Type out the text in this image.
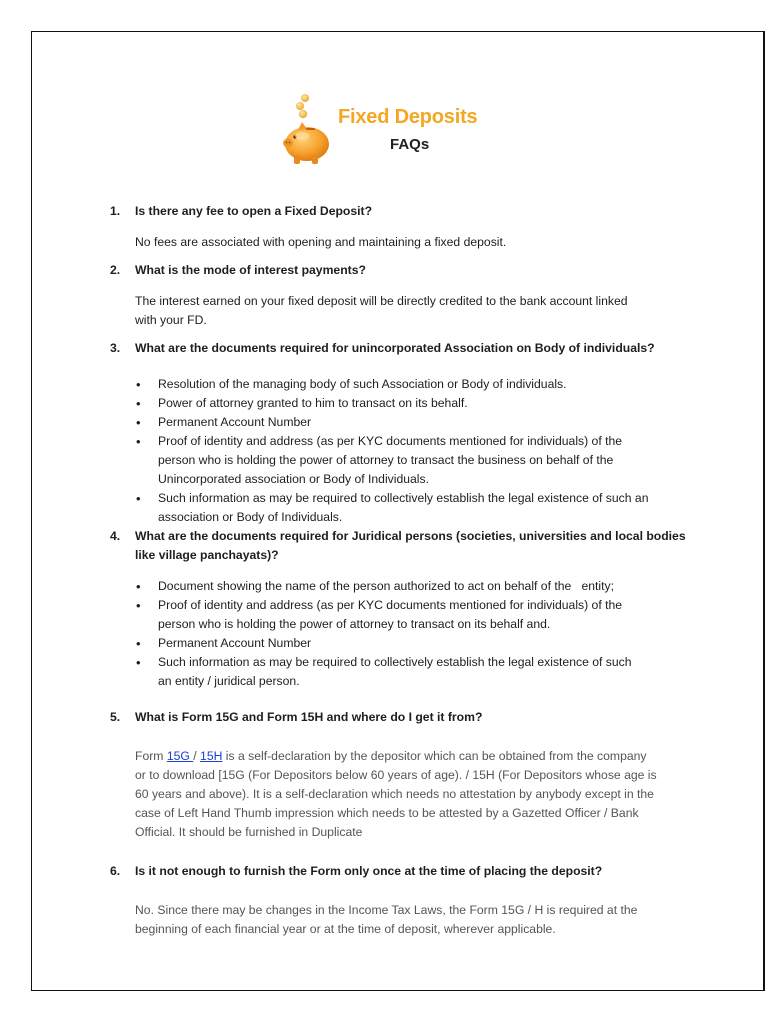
Fixed Deposits
FAQs
1. Is there any fee to open a Fixed Deposit?
No fees are associated with opening and maintaining a fixed deposit.
2. What is the mode of interest payments?
The interest earned on your fixed deposit will be directly credited to the bank account linked
with your FD.
3. What are the documents required for unincorporated Association on Body of individuals?
• Resolution of the managing body of such Association or Body of individuals.
• Power of attorney granted to him to transact on its behalf.
• Permanent Account Number
• Proof of identity and address (as per KYC documents mentioned for individuals) of the
person who is holding the power of attorney to transact the business on behalf of the
Unincorporated association or Body of Individuals.
• Such information as may be required to collectively establish the legal existence of such an
association or Body of Individuals.
4. What are the documents required for Juridical persons (societies, universities and local bodies
like village panchayats)?
• Document showing the name of the person authorized to act on behalf of the   entity;
• Proof of identity and address (as per KYC documents mentioned for individuals) of the
person who is holding the power of attorney to transact on its behalf and.
• Permanent Account Number
• Such information as may be required to collectively establish the legal existence of such
an entity / juridical person.
5. What is Form 15G and Form 15H and where do I get it from?
Form 15G / 15H is a self-declaration by the depositor which can be obtained from the company
or to download [15G (For Depositors below 60 years of age). / 15H (For Depositors whose age is
60 years and above). It is a self-declaration which needs no attestation by anybody except in the
case of Left Hand Thumb impression which needs to be attested by a Gazetted Officer / Bank
Official. It should be furnished in Duplicate
6. Is it not enough to furnish the Form only once at the time of placing the deposit?
No. Since there may be changes in the Income Tax Laws, the Form 15G / H is required at the
beginning of each financial year or at the time of deposit, wherever applicable.
